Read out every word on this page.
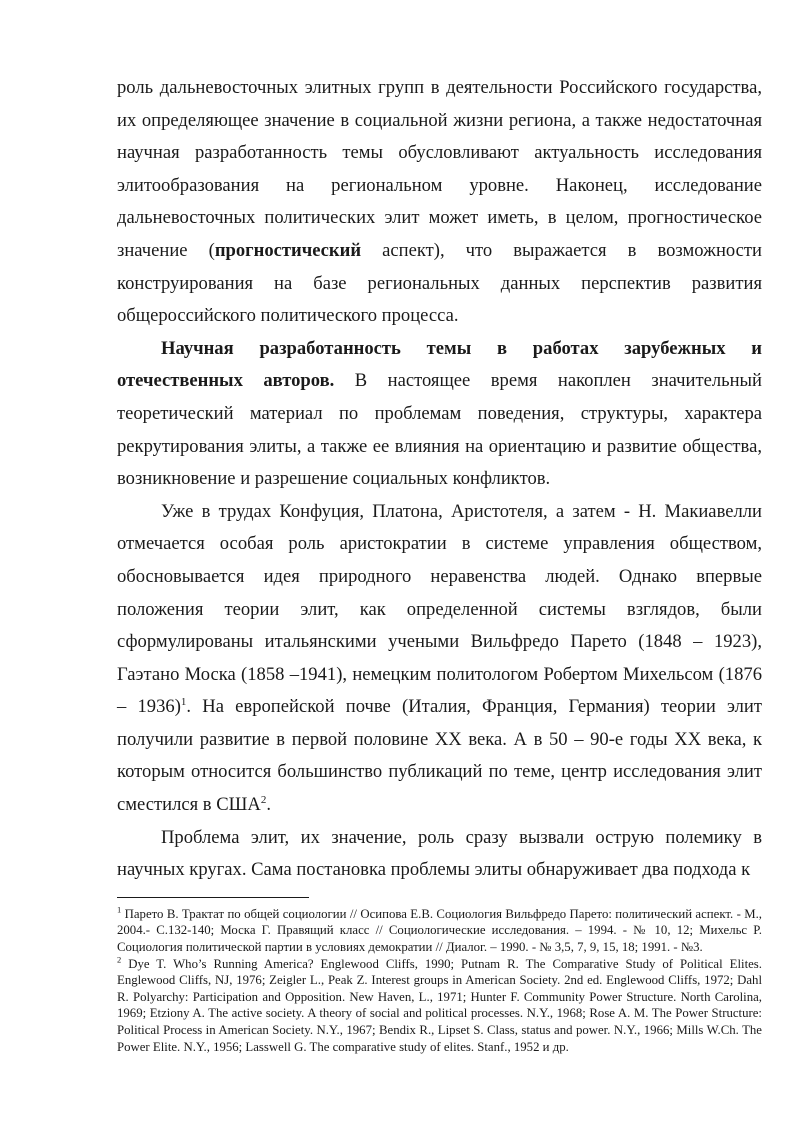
роль дальневосточных элитных групп в деятельности Российского государства, их определяющее значение в социальной жизни региона, а также недостаточная научная разработанность темы обусловливают актуальность исследования элитообразования на региональном уровне. Наконец, исследование дальневосточных политических элит может иметь, в целом, прогностическое значение (прогностический аспект), что выражается в возможности конструирования на базе региональных данных перспектив развития общероссийского политического процесса.

Научная разработанность темы в работах зарубежных и отечественных авторов. В настоящее время накоплен значительный теоретический материал по проблемам поведения, структуры, характера рекрутирования элиты, а также ее влияния на ориентацию и развитие общества, возникновение и разрешение социальных конфликтов.

Уже в трудах Конфуция, Платона, Аристотеля, а затем - Н. Макиавелли отмечается особая роль аристократии в системе управления обществом, обосновывается идея природного неравенства людей. Однако впервые положения теории элит, как определенной системы взглядов, были сформулированы итальянскими учеными Вильфредо Парето (1848 – 1923), Гаэтано Моска (1858 –1941), немецким политологом Робертом Михельсом (1876 – 1936)$^1$. На европейской почве (Италия, Франция, Германия) теории элит получили развитие в первой половине XX века. А в 50 – 90-е годы XX века, к которым относится большинство публикаций по теме, центр исследования элит сместился в США$^2$.

Проблема элит, их значение, роль сразу вызвали острую полемику в научных кругах. Сама постановка проблемы элиты обнаруживает два подхода к

$^1$ Парето В. Трактат по общей социологии // Осипова Е.В. Социология Вильфредо Парето: политический аспект. - М., 2004.- С.132-140; Моска Г. Правящий класс // Социологические исследования. – 1994. - № 10, 12; Михельс Р. Социология политической партии в условиях демократии // Диалог. – 1990. - № 3,5, 7, 9, 15, 18; 1991. - №3.

$^2$ Dye T. Who’s Running America? Englewood Cliffs, 1990; Putnam R. The Comparative Study of Political Elites. Englewood Cliffs, NJ, 1976; Zeigler L., Peak Z. Interest groups in American Society. 2nd ed. Englewood Cliffs, 1972; Dahl R. Polyarchy: Participation and Opposition. New Haven, L., 1971; Hunter F. Community Power Structure. North Carolina, 1969; Etziony A. The active society. A theory of social and political processes. N.Y., 1968; Rose A. M. The Power Structure: Political Process in American Society. N.Y., 1967; Bendix R., Lipset S. Class, status and power. N.Y., 1966; Mills W.Ch. The Power Elite. N.Y., 1956; Lasswell G. The comparative study of elites. Stanf., 1952 и др.
